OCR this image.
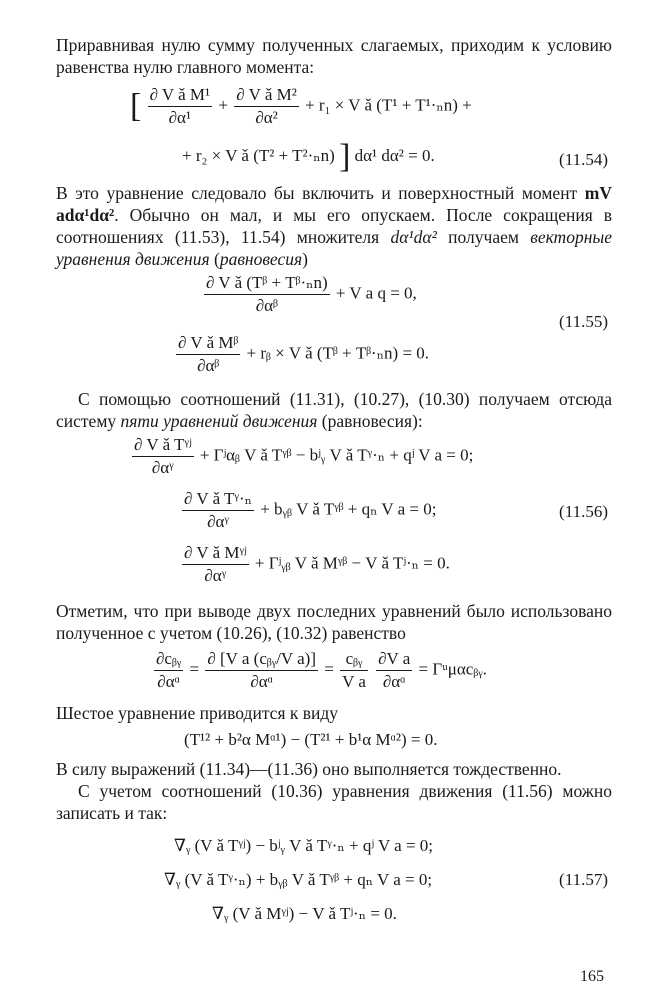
Приравнивая нулю сумму полученных слагаемых, приходим к условию равенства нулю главного момента:

[ $\frac{\text{∂ V ǎ M¹}}{\text{∂α¹}} + \frac{\text{∂ V ǎ M²}}{\text{∂α²}} + r_1 \times V$ ǎ (T¹ + T¹·ₙn) +
+ r₂ × V ǎ (T² + T²·ₙn) ] dα¹ dα² = 0.	(11.54)

В это уравнение следовало бы включить и поверхностный момент mV adα¹dα². Обычно он мал, и мы его опускаем. После сокращения в соотношениях (11.53), 11.54) множителя dα¹dα² получаем векторные уравнения движения (равновесия)

$\frac{\text{∂ V ǎ (Tᵝ + Tᵝ·ₙn)}}{\text{∂αᵝ}} + V$ a q = 0,
$\frac{\text{∂ V ǎ Mᵝ}}{\text{∂αᵝ}}$ + rᵦ × V ǎ (Tᵝ + Tᵝ·ₙn) = 0.
(11.55)

С помощью соотношений (11.31), (10.27), (10.30) получаем отсюда систему пяти уравнений движения (равновесия):

$\frac{\text{∂ V ǎ Tᵞʲ}}{\text{∂αᵞ}}$ + Γʲαᵦ V ǎ Tᵞᵝ − bʲᵧ V ǎ Tᵞ·ₙ + qʲ V a = 0;
$\frac{\text{∂ V ǎ Tᵞ·ₙ}}{\text{∂αᵞ}}$ + bᵧᵦ V ǎ Tᵞᵝ + qₙ V a = 0;
$\frac{\text{∂ V ǎ Mᵞʲ}}{\text{∂αᵞ}}$ + Γʲᵧᵦ V ǎ Mᵞᵝ − V ǎ Tʲ·ₙ = 0.
(11.56)

Отметим, что при выводе двух последних уравнений было использовано полученное с учетом (10.26), (10.32) равенство

$\frac{\text{∂cᵦᵧ}}{\text{∂αᵅ}} = \frac{\text{∂ [V a (cᵦᵧ/V a)]}}{\text{∂αᵅ}} = \frac{\text{cᵦᵧ}}{\text{V a}}$
$\frac{\text{∂V a}}{\text{∂αᵅ}}$ = Γᵘμαcᵦᵧ.

Шестое уравнение приводится к виду

(T¹² + b²α Mᵅ¹) − (T²¹ + b¹α Mᵅ²) = 0.

В силу выражений (11.34)—(11.36) оно выполняется тождественно.

С учетом соотношений (10.36) уравнения движения (11.56) можно записать и так:

∇ᵧ (V ǎ Tᵞʲ) − bʲᵧ V ǎ Tᵞ·ₙ + qʲ V a = 0;
∇ᵧ (V ǎ Tᵞ·ₙ) + bᵧᵦ V ǎ Tᵞᵝ + qₙ V a = 0;
∇ᵧ (V ǎ Mᵞʲ) − V ǎ Tʲ·ₙ = 0.
(11.57)
165
